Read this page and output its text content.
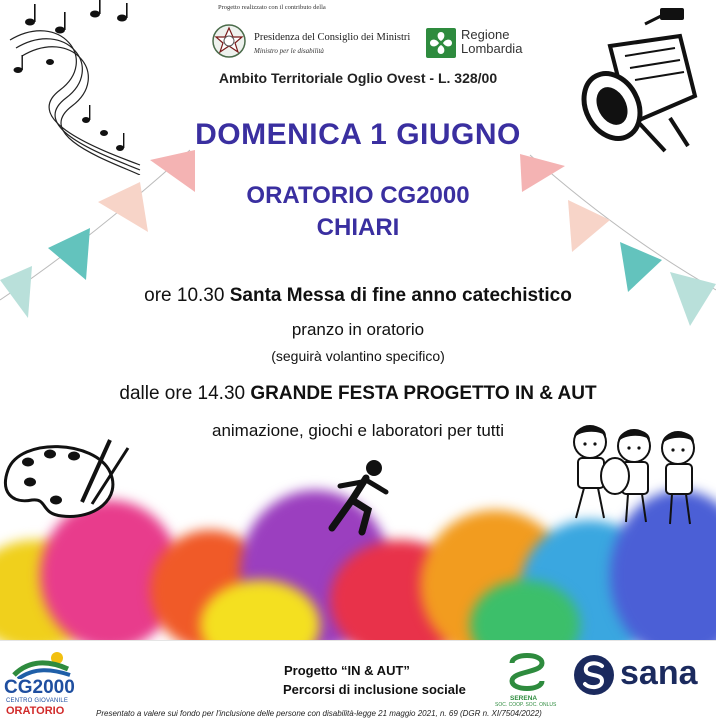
Progetto realizzato con il contributo della
Presidenza del Consiglio dei Ministri
Ministro per le disabilità
Regione
Lombardia
Ambito Territoriale Oglio Ovest - L. 328/00
DOMENICA 1 GIUGNO
ORATORIO CG2000
CHIARI
ore 10.30 Santa Messa di fine anno catechistico
pranzo in oratorio
(seguirà volantino specifico)
dalle ore 14.30 GRANDE FESTA PROGETTO IN & AUT
animazione, giochi e laboratori per tutti
CG2000
CENTRO GIOVANILE
ORATORIO
Progetto “IN & AUT”
Percorsi di inclusione sociale
SERENA
SOC. COOP. SOC. ONLUS
sana
Presentato a valere sui fondo per l'inclusione delle persone con disabilità-legge 21 maggio 2021, n. 69 (DGR n. XI/7504/2022)
